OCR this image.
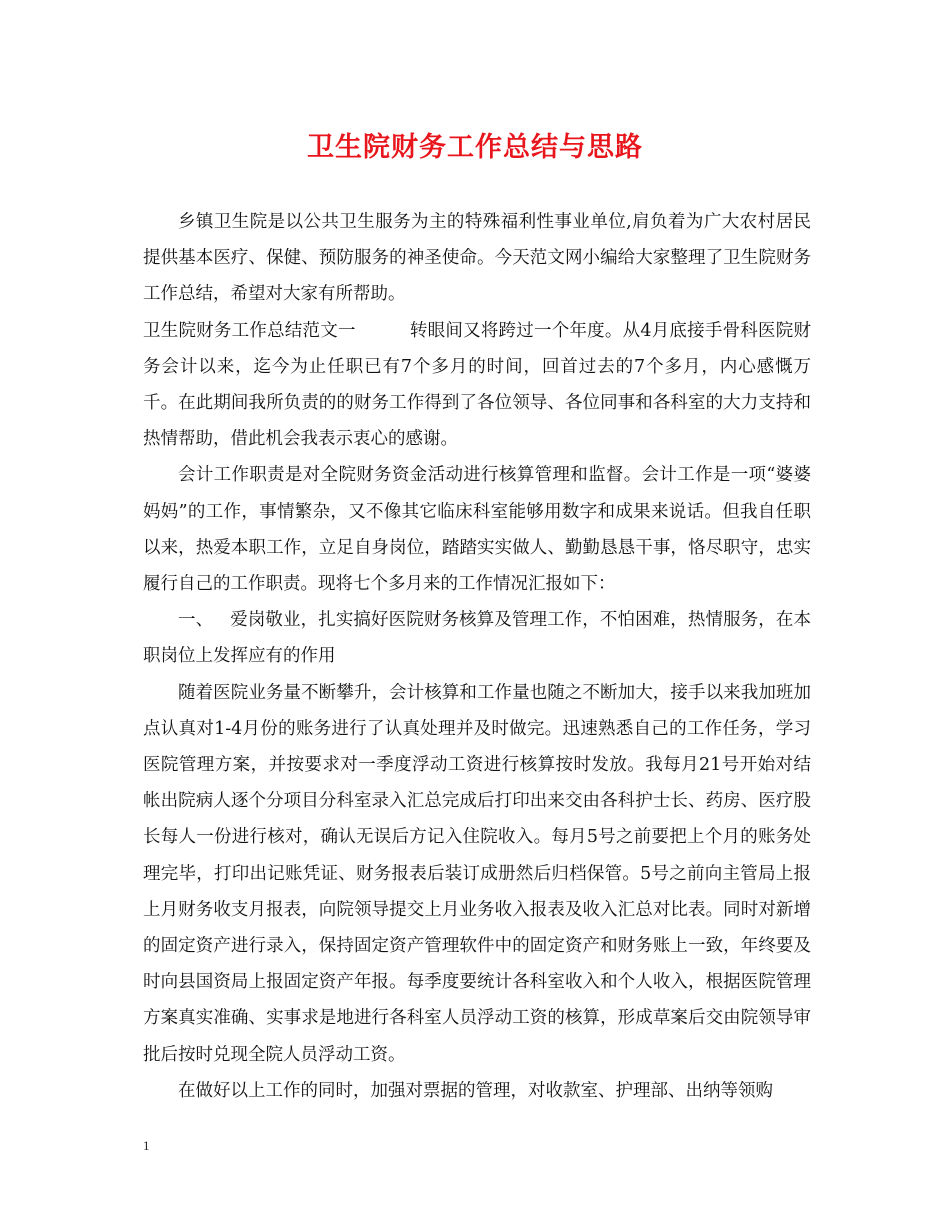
卫生院财务工作总结与思路

乡镇卫生院是以公共卫生服务为主的特殊福利性事业单位,肩负着为广大农村居民提供基本医疗、保健、预防服务的神圣使命。今天范文网小编给大家整理了卫生院财务工作总结，希望对大家有所帮助。

卫生院财务工作总结范文一	转眼间又将跨过一个年度。从4月底接手骨科医院财务会计以来，迄今为止任职已有7个多月的时间，回首过去的7个多月，内心感慨万千。在此期间我所负责的的财务工作得到了各位领导、各位同事和各科室的大力支持和热情帮助，借此机会我表示衷心的感谢。

会计工作职责是对全院财务资金活动进行核算管理和监督。会计工作是一项“婆婆妈妈”的工作，事情繁杂，又不像其它临床科室能够用数字和成果来说话。但我自任职以来，热爱本职工作，立足自身岗位，踏踏实实做人、勤勤恳恳干事，恪尽职守，忠实履行自己的工作职责。现将七个多月来的工作情况汇报如下：

一、 爱岗敬业，扎实搞好医院财务核算及管理工作，不怕困难，热情服务，在本职岗位上发挥应有的作用

随着医院业务量不断攀升，会计核算和工作量也随之不断加大，接手以来我加班加点认真对1-4月份的账务进行了认真处理并及时做完。迅速熟悉自己的工作任务，学习医院管理方案，并按要求对一季度浮动工资进行核算按时发放。我每月21号开始对结帐出院病人逐个分项目分科室录入汇总完成后打印出来交由各科护士长、药房、医疗股长每人一份进行核对，确认无误后方记入住院收入。每月5号之前要把上个月的账务处理完毕，打印出记账凭证、财务报表后装订成册然后归档保管。5号之前向主管局上报上月财务收支月报表，向院领导提交上月业务收入报表及收入汇总对比表。同时对新增的固定资产进行录入，保持固定资产管理软件中的固定资产和财务账上一致，年终要及时向县国资局上报固定资产年报。每季度要统计各科室收入和个人收入，根据医院管理方案真实准确、实事求是地进行各科室人员浮动工资的核算，形成草案后交由院领导审批后按时兑现全院人员浮动工资。

在做好以上工作的同时，加强对票据的管理，对收款室、护理部、出纳等领购

1
